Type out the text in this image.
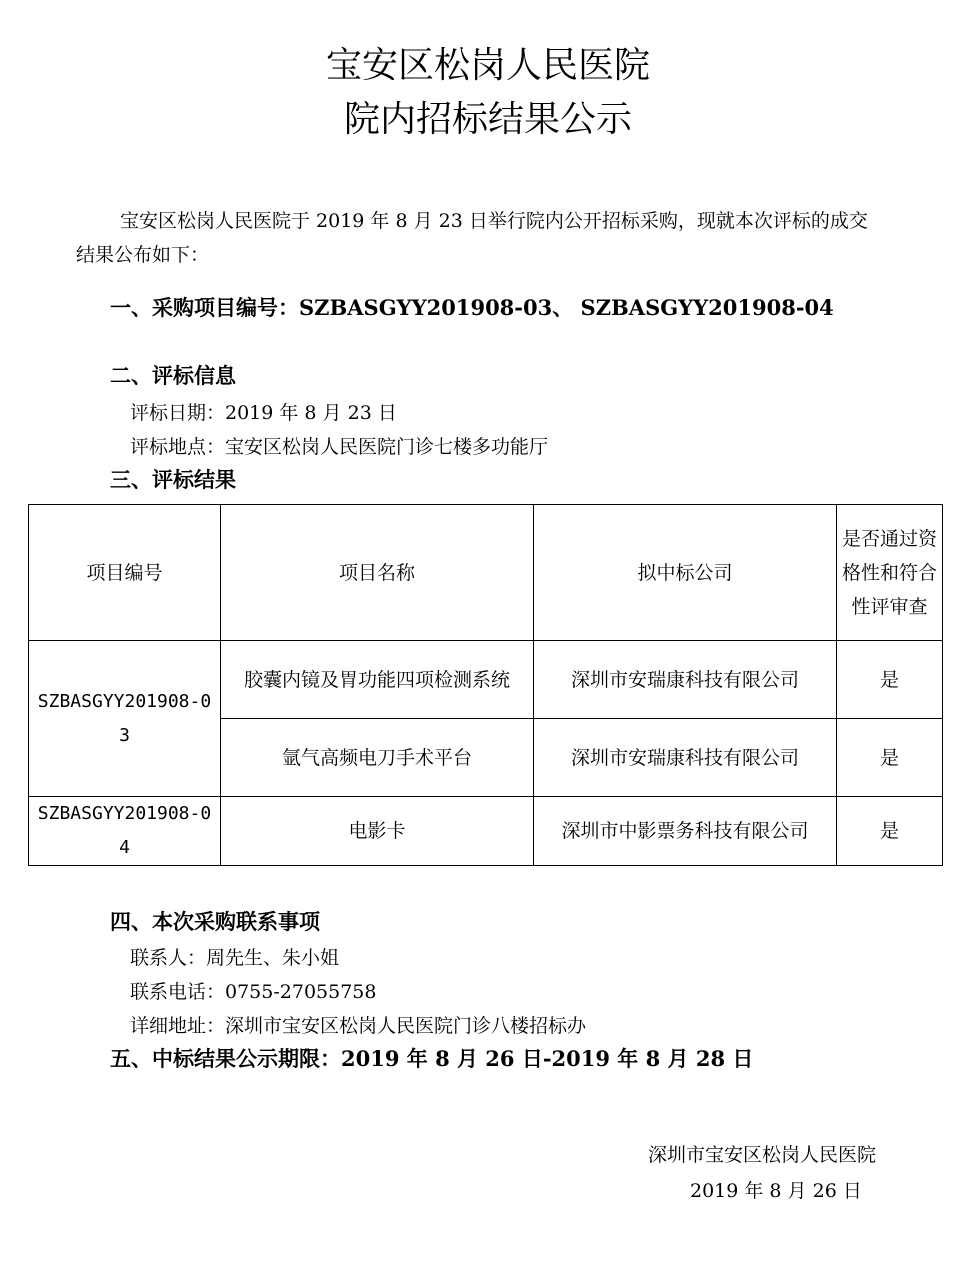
宝安区松岗人民医院
院内招标结果公示
宝安区松岗人民医院于 2019 年 8 月 23 日举行院内公开招标采购，现就本次评标的成交
结果公布如下：
一、采购项目编号：SZBASGYY201908-03、 SZBASGYY201908-04
二、评标信息
评标日期：2019 年 8 月 23 日
评标地点：宝安区松岗人民医院门诊七楼多功能厅
三、评标结果
项目编号	项目名称	拟中标公司	是否通过资格性和符合性评审查
SZBASGYY201908-03	胶囊内镜及胃功能四项检测系统	深圳市安瑞康科技有限公司	是
	氩气高频电刀手术平台	深圳市安瑞康科技有限公司	是
SZBASGYY201908-04	电影卡	深圳市中影票务科技有限公司	是
四、本次采购联系事项
联系人：周先生、朱小姐
联系电话：0755-27055758
详细地址：深圳市宝安区松岗人民医院门诊八楼招标办
五、中标结果公示期限：2019 年 8 月 26 日-2019 年 8 月 28 日
深圳市宝安区松岗人民医院
2019 年 8 月 26 日
